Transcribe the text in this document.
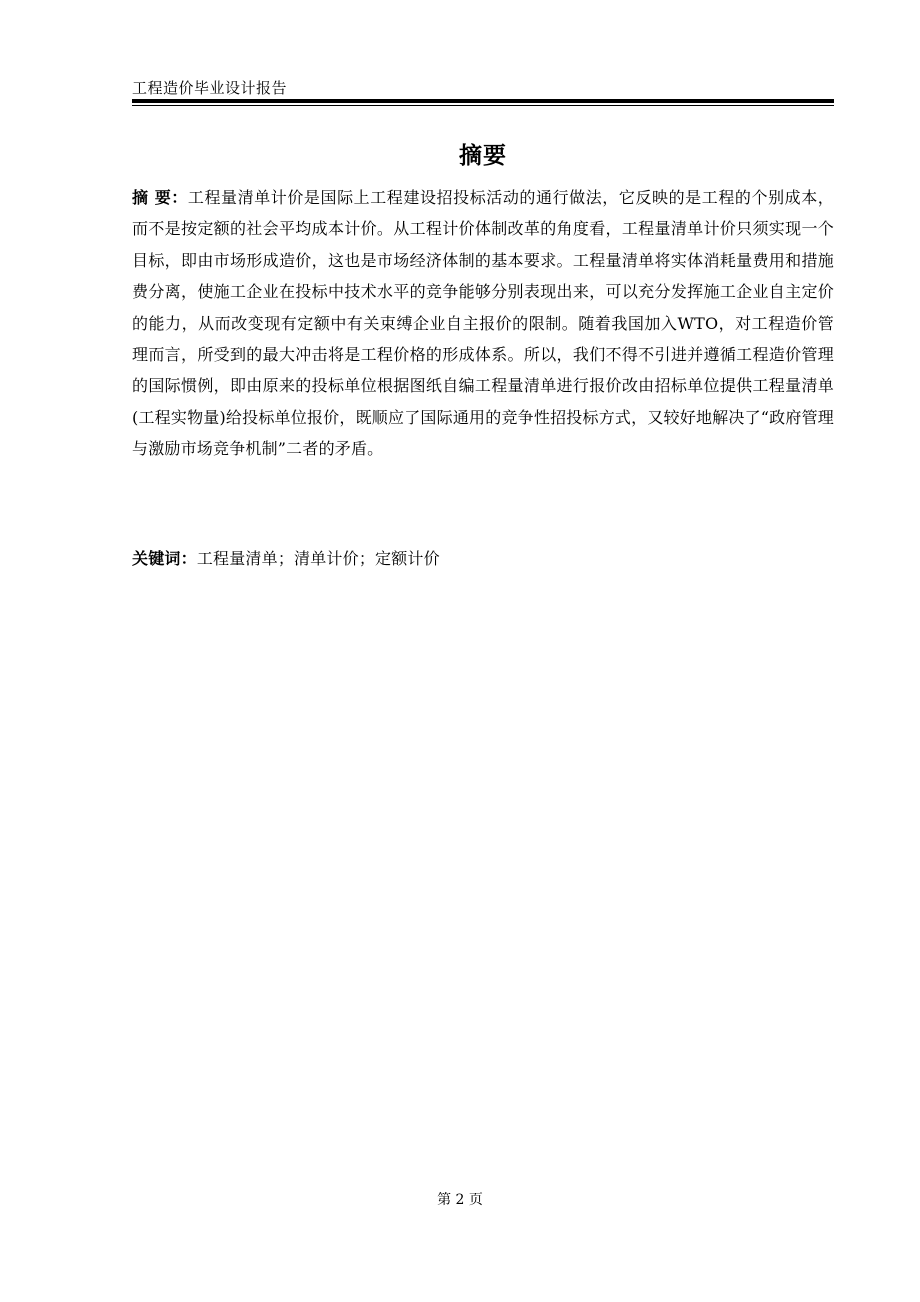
工程造价毕业设计报告
摘要
摘 要：工程量清单计价是国际上工程建设招投标活动的通行做法，它反映的是工程的个别成本，而不是按定额的社会平均成本计价。从工程计价体制改革的角度看，工程量清单计价只须实现一个目标，即由市场形成造价，这也是市场经济体制的基本要求。工程量清单将实体消耗量费用和措施费分离，使施工企业在投标中技术水平的竞争能够分别表现出来，可以充分发挥施工企业自主定价的能力，从而改变现有定额中有关束缚企业自主报价的限制。随着我国加入WTO，对工程造价管理而言，所受到的最大冲击将是工程价格的形成体系。所以，我们不得不引进并遵循工程造价管理的国际惯例，即由原来的投标单位根据图纸自编工程量清单进行报价改由招标单位提供工程量清单(工程实物量)给投标单位报价，既顺应了国际通用的竞争性招投标方式，又较好地解决了“政府管理与激励市场竞争机制”二者的矛盾。
关键词：工程量清单；清单计价；定额计价
第 2 页
